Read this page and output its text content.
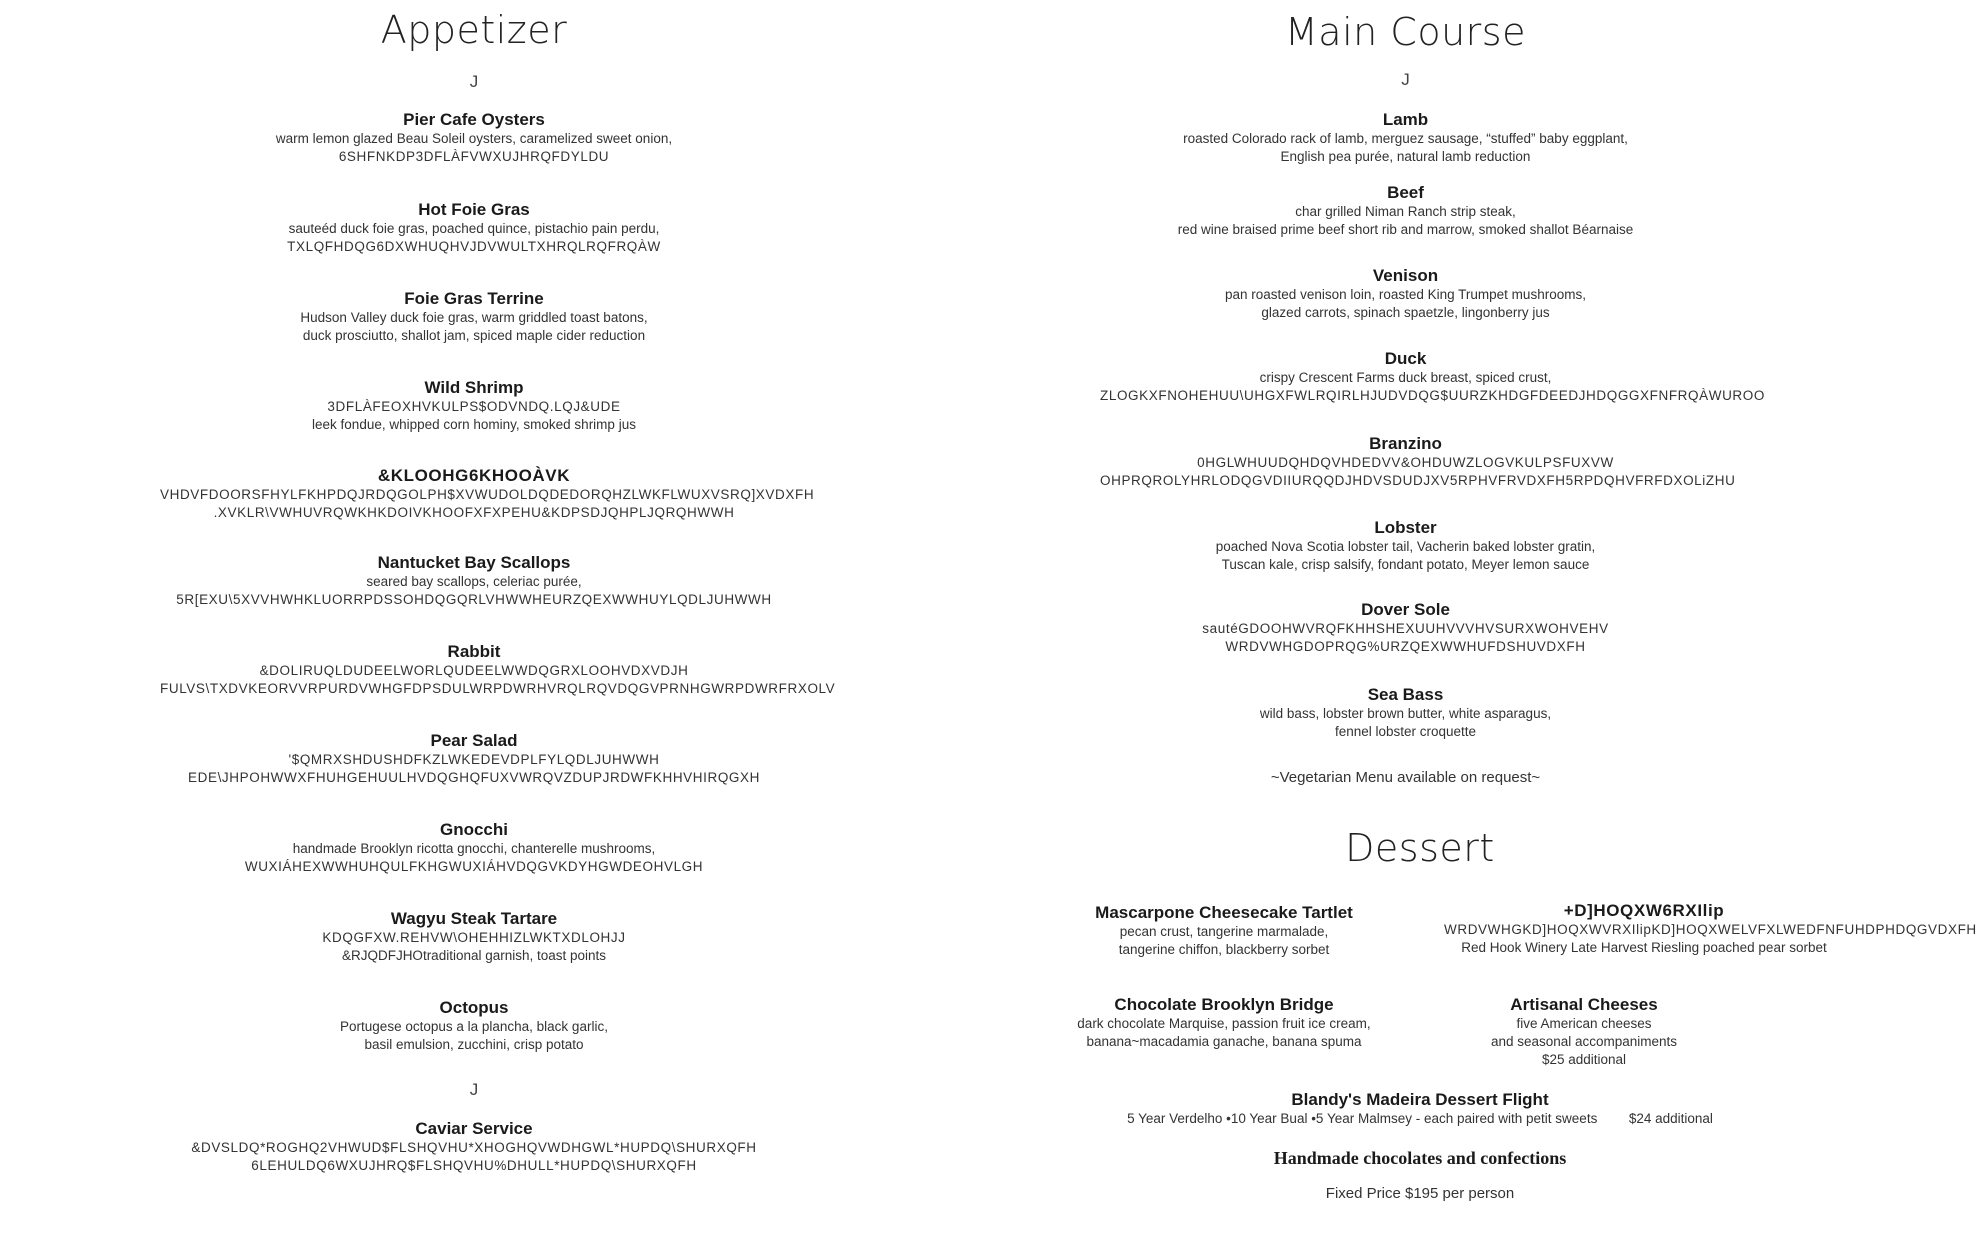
Appetizer
J
Pier Cafe Oysters
warm lemon glazed Beau Soleil oysters, caramelized sweet onion,
6SHFNKDP3DFLÀFVWXUJHRQFDYLDU
Hot Foie Gras
sauteéd duck foie gras, poached quince, pistachio pain perdu,
TXLQFHDQG6DXWHUQHVJDVWULTXHRQLRQFRQÀW
Foie Gras Terrine
Hudson Valley duck foie gras, warm griddled toast batons,
duck prosciutto, shallot jam, spiced maple cider reduction
Wild Shrimp
3DFLÀFEOXHVKULPS$ODVNDQ.LQJ&UDE
leek fondue, whipped corn hominy, smoked shrimp jus
&KLOOHG6KHOOÀVK
VHDVFDOORSFHYLFKHPDQJRDQGOLPH$XVWUDOLDQDEDORQHZLWKFLWUXVSRQ]XVDXFH
.XVKLR\VWHUVRQWKHKDOIVKHOOFXFXPEHU&KDPSDJQHPLJQRQHWWH
Nantucket Bay Scallops
seared bay scallops, celeriac purée,
5R[EXU\5XVVHWHKLUORRPDSSOHDQGQRLVHWWHEURZQEXWWHUYLQDLJUHWWH
Rabbit
&DOLIRUQLDUDEELWORLQUDEELWWDQGRXLOOHVDXVDJH
FULVS\TXDVKEORVVRPURDVWHGFDPSDULWRPDWRHVRQLRQVDQGVPRNHGWRPDWRFRXOLV
Pear Salad
'$QMRXSHDUSHDFKZLWKEDEVDPLFYLQDLJUHWWH
EDE\JHPOHWWXFHUHGEHUULHVDQGHQFUXVWRQVZDUPJRDWFKHHVHIRQGXH
Gnocchi
handmade Brooklyn ricotta gnocchi, chanterelle mushrooms,
WUXIÁHEXWWHUHQULFKHGWUXIÁHVDQGVKDYHGWDEOHVLGH
Wagyu Steak Tartare
KDQGFXW.REHVW\OHEHHIZLWKTXDLOHJJ
&RJQDFJHOtraditional garnish, toast points
Octopus
Portugese octopus a la plancha, black garlic,
basil emulsion, zucchini, crisp potato
J
Caviar Service
&DVSLDQ*ROGHQ2VHWUD$FLSHQVHU*XHOGHQVWDHGWL*HUPDQ\SHURXQFH
6LEHULDQ6WXUJHRQ$FLSHQVHU%DHULL*HUPDQ\SHURXQFH
Main Course
J
Lamb
roasted Colorado rack of lamb, merguez sausage, “stuffed” baby eggplant,
English pea purée, natural lamb reduction
Beef
char grilled Niman Ranch strip steak,
red wine braised prime beef short rib and marrow, smoked shallot Béarnaise
Venison
pan roasted venison loin, roasted King Trumpet mushrooms,
glazed carrots, spinach spaetzle, lingonberry jus
Duck
crispy Crescent Farms duck breast, spiced crust,
ZLOGKXFNOHEHUU\UHGXFWLRQIRLHJUDVDQG$UURZKHDGFDEEDJHDQGGXFNFRQÀWUROO
Branzino
0HGLWHUUDQHDQVHDEDVV&OHDUWZLOGVKULPSFUXVW
OHPRQROLYHRLODQGVDIIURQQDJHDVSDUDJXV5RPHVFRVDXFH5RPDQHVFRFDXOLiZHU
Lobster
poached Nova Scotia lobster tail, Vacherin baked lobster gratin,
Tuscan kale, crisp salsify, fondant potato, Meyer lemon sauce
Dover Sole
sautéGDOOHWVRQFKHHSHEXUUHVVVHVSURXWOHVEHV
WRDVWHGDOPRQG%URZQEXWWHUFDSHUVDXFH
Sea Bass
wild bass, lobster brown butter, white asparagus,
fennel lobster croquette
~Vegetarian Menu available on request~
Dessert
Mascarpone Cheesecake Tartlet
pecan crust, tangerine marmalade,
tangerine chiffon, blackberry sorbet
+D]HOQXW6RXIlip
WRDVWHGKD]HOQXWVRXIlipKD]HOQXWELVFXLWEDFNFUHDPHDQGVDXFH
Red Hook Winery Late Harvest Riesling poached pear sorbet
Chocolate Brooklyn Bridge
dark chocolate Marquise, passion fruit ice cream,
banana~macadamia ganache, banana spuma
Artisanal Cheeses
five American cheeses
and seasonal accompaniments
$25 additional
Blandy's Madeira Dessert Flight
5 Year Verdelho •10 Year Bual •5 Year Malmsey - each paired with petit sweets $24 additional
Handmade chocolates and confections
Fixed Price $195 per person
